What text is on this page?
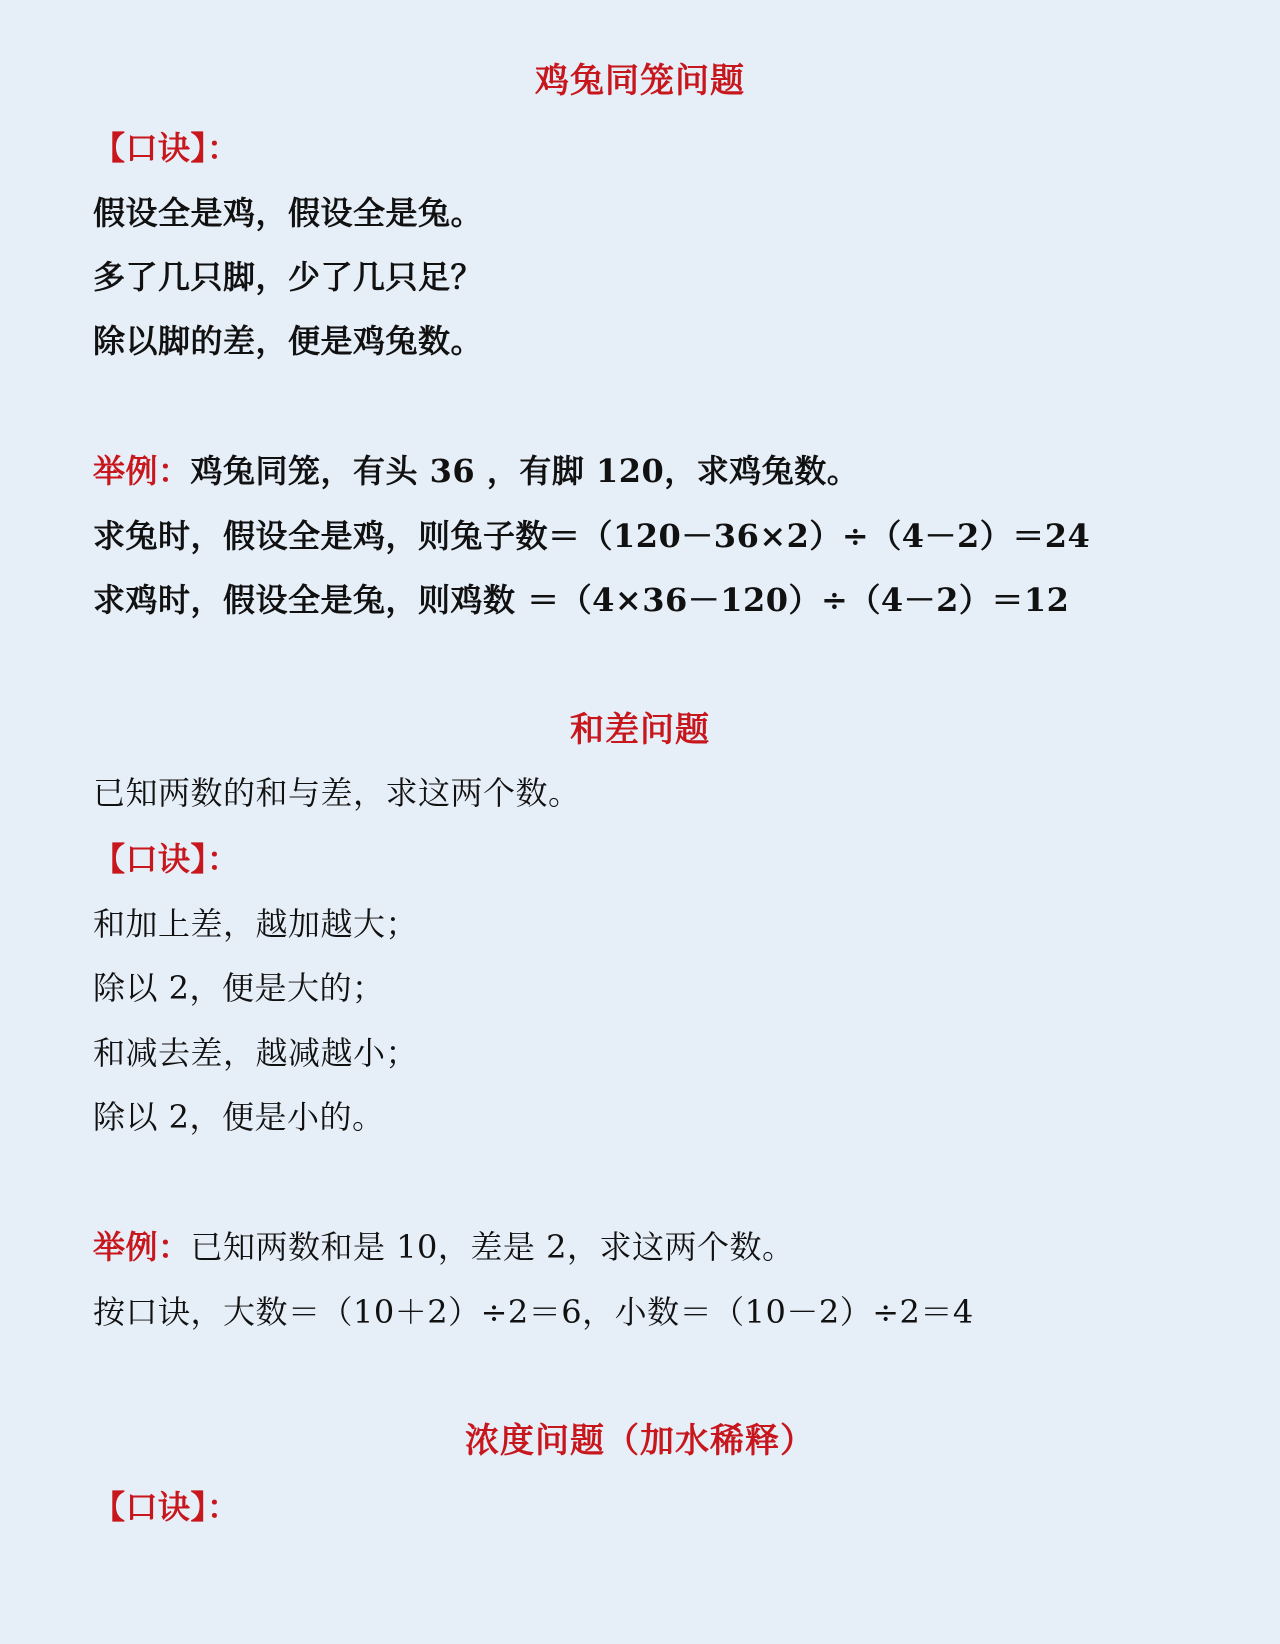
鸡兔同笼问题
【口诀】：
假设全是鸡，假设全是兔。
多了几只脚，少了几只足？
除以脚的差，便是鸡兔数。
举例：鸡兔同笼，有头 36 ，有脚 120，求鸡兔数。
求兔时，假设全是鸡，则兔子数＝（120－36×2）÷（4－2）＝24
求鸡时，假设全是兔，则鸡数 ＝（4×36－120）÷（4－2）＝12
和差问题
已知两数的和与差，求这两个数。
【口诀】：
和加上差，越加越大；
除以 2，便是大的；
和减去差，越减越小；
除以 2，便是小的。
举例：已知两数和是 10，差是 2，求这两个数。
按口诀，大数＝（10＋2）÷2＝6，小数＝（10－2）÷2＝4
浓度问题（加水稀释）
【口诀】：
